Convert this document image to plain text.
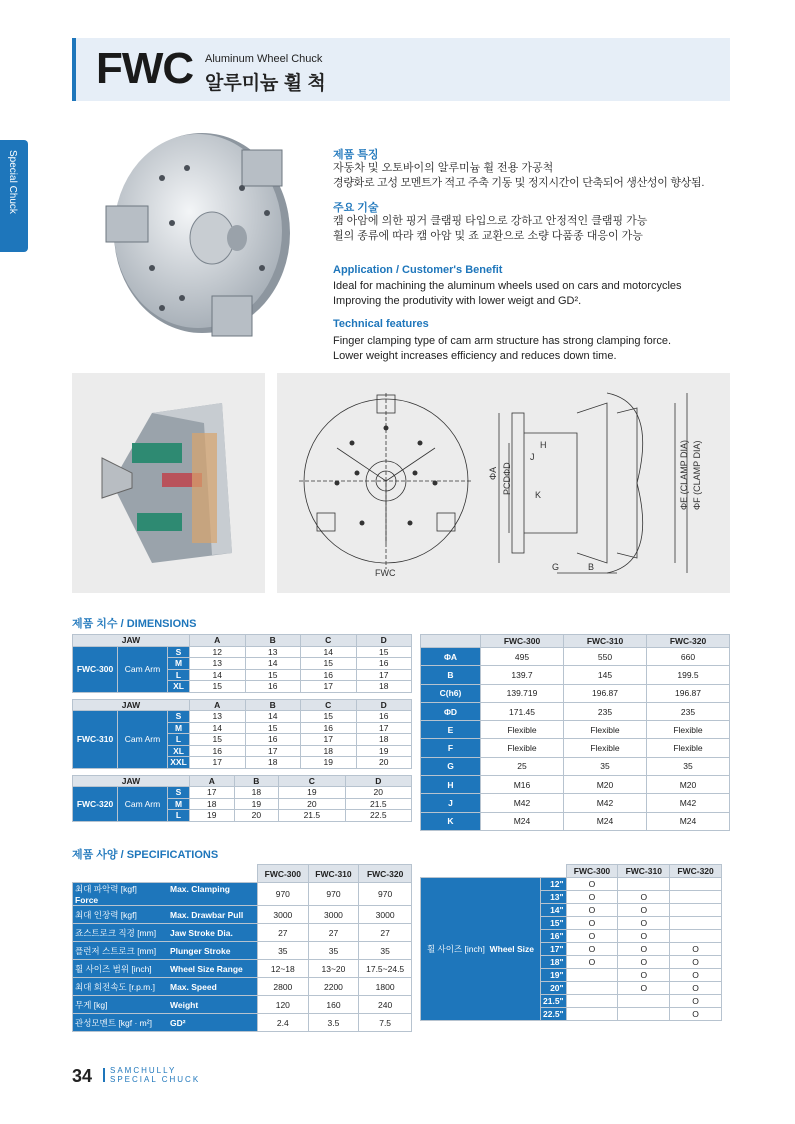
FWC Aluminum Wheel Chuck
알루미늄 휠 척
Special Chuck	제품 특징
자동차 및 오토바이의 알루미늄 휠 전용 가공척
경량화로 고성 모멘트가 적고 주축 기동 및 정지시간이 단축되어 생산성이 향상됨.
주요 기술
캠 아암에 의한 핑거 클램핑 타입으로 강하고 안정적인 클램핑 가능
휠의 종류에 따라 캠 아암 및 죠 교환으로 소량 다품종 대응이 가능
Application / Customer's Benefit
Ideal for machining the aluminum wheels used on cars and motorcycles
Improving the produtivity with lower weigt and GD².
Technical features
Finger clamping type of cam arm structure has strong clamping force.
Lower weight increases efficiency and reduces down time.
FWC
H
J
K
ΦA PCDΦD	ΦE (CLAMP DIA) ΦF (CLAMP DIA)
G	B
제품 치수 / DIMENSIONS
JAW			A	B	C	D
FWC-300	Cam Arm	S	12	13	14	15
		M	13	14	15	16
		L	14	15	16	17
		XL	15	16	17	18
JAW			A	B	C	D
FWC-310	Cam Arm	S	13	14	15	16
		M	14	15	16	17
		L	15	16	17	18
		XL	16	17	18	19
		XXL	17	18	19	20
JAW			A	B	C	D
FWC-320	Cam Arm	S	17	18	19	20
		M	18	19	20	21.5
		L	19	20	21.5	22.5
	FWC-300	FWC-310	FWC-320
ΦA	495	550	660
B	139.7	145	199.5
C(h6)	139.719	196.87	196.87
ΦD	171.45	235	235
E	Flexible	Flexible	Flexible
F	Flexible	Flexible	Flexible
G	25	35	35
H	M16	M20	M20
J	M42	M42	M42
K	M24	M24	M24
제품 사양 / SPECIFICATIONS
	FWC-300	FWC-310	FWC-320
최대 파악력 [kgf] Max. Clamping Force	970	970	970
최대 인장력 [kgf] Max. Drawbar Pull	3000	3000	3000
죠스트로크 직경 [mm] Jaw Stroke Dia.	27	27	27
플런저 스트로크 [mm] Plunger Stroke	35	35	35
휠 사이즈 범위 [inch] Wheel Size Range	12~18	13~20	17.5~24.5
최대 회전속도 [r.p.m.] Max. Speed	2800	2200	1800
무게 [kg] Weight	120	160	240
관성모멘트 [kgf · m²] GD²	2.4	3.5	7.5
		FWC-300	FWC-310	FWC-320
휠 사이즈 [inch] Wheel Size	12"	O		
	13"	O	O	
	14"	O	O	
	15"	O	O	
	16"	O	O	
	17"	O	O	O
	18"	O	O	O
	19"		O	O
	20"		O	O
	21.5"			O
	22.5"			O
34 SAMCHULLY
SPECIAL CHUCK
